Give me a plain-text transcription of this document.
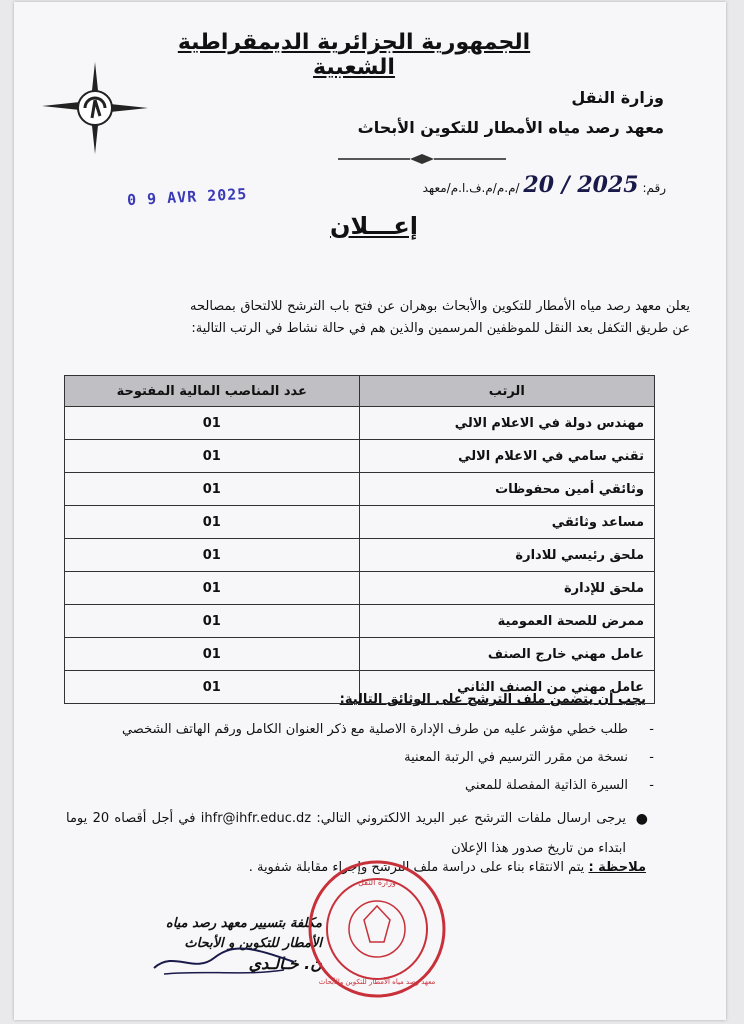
الجمهورية الجزائرية الديمقراطية الشعبية
وزارة النقل
معهد رصد مياه الأمطار للتكوين الأبحاث
رقم: 2025 / 20 /م.م/م.ف.ا.م/معهد
0 9 AVR 2025
إعـــلان
يعلن معهد رصد مياه الأمطار للتكوين والأبحاث بوهران عن فتح باب الترشح للالتحاق بمصالحه عن طريق التكفل بعد النقل للموظفين المرسمين والذين هم في حالة نشاط في الرتب التالية:
الرتب	عدد المناصب المالية المفتوحة
مهندس دولة في الاعلام الالي	01
تقني سامي في الاعلام الالي	01
وثائقي أمين محفوظات	01
مساعد وثائقي	01
ملحق رئيسي للادارة	01
ملحق للإدارة	01
ممرض للصحة العمومية	01
عامل مهني خارج الصنف	01
عامل مهني من الصنف الثاني	01
يجب أن يتضمن ملف الترشح على الوثائق التالية:
-
طلب خطي مؤشر عليه من طرف الإدارة الاصلية مع ذكر العنوان الكامل ورقم الهاتف الشخصي
-
نسخة من مقرر الترسيم في الرتبة المعنية
-
السيرة الذاتية المفصلة للمعني
●
يرجى ارسال ملفات الترشح عبر البريد الالكتروني التالي: ihfr@ihfr.educ.dz في أجل أقصاه 20 يوما ابتداء من تاريخ صدور هذا الإعلان
ملاحظة : يتم الانتقاء بناء على دراسة ملف الترشح وإجراء مقابلة شفوية .
مكلفة بتسيير معهد رصد مياه
الأمطار للتكوين و الأبحاث
ن. خـالـدي
وزارة النقل
معهد رصد مياه الأمطار للتكوين والأبحاث
